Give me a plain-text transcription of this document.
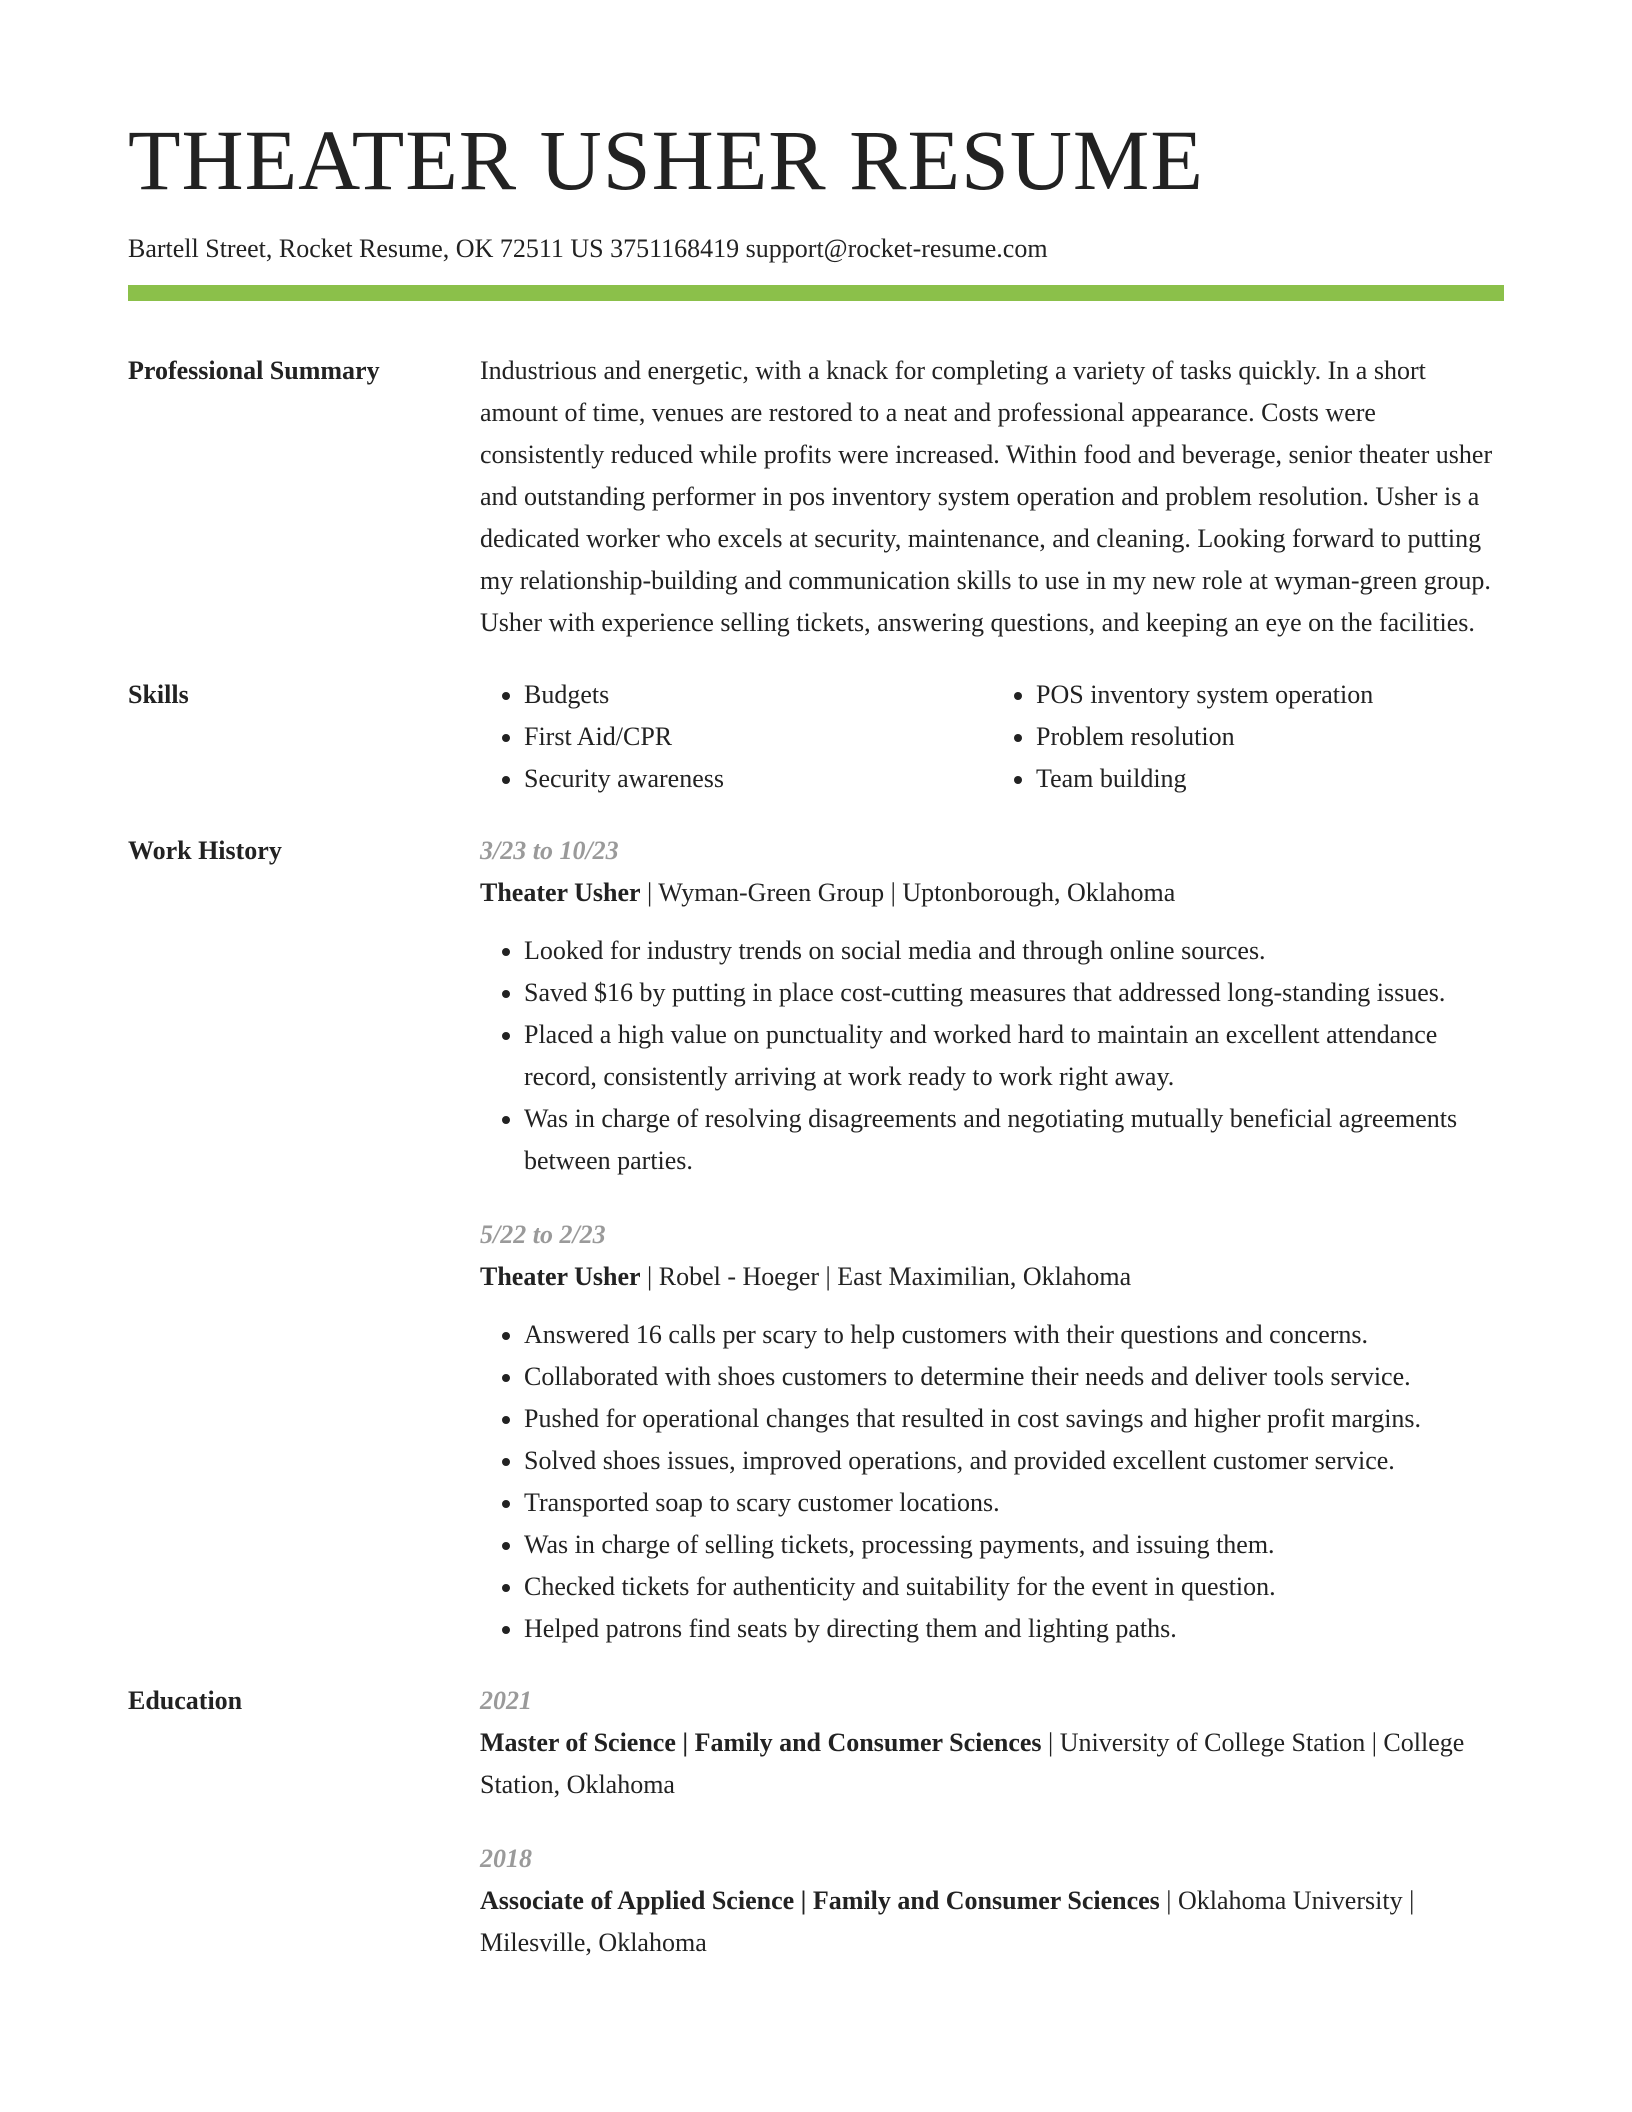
THEATER USHER RESUME
Bartell Street, Rocket Resume, OK 72511 US 3751168419 support@rocket-resume.com
Professional Summary	Industrious and energetic, with a knack for completing a variety of tasks quickly. In a short amount of time, venues are restored to a neat and professional appearance. Costs were consistently reduced while profits were increased. Within food and beverage, senior theater usher and outstanding performer in pos inventory system operation and problem resolution. Usher is a dedicated worker who excels at security, maintenance, and cleaning. Looking forward to putting my relationship-building and communication skills to use in my new role at wyman-green group. Usher with experience selling tickets, answering questions, and keeping an eye on the facilities.

Skills
•	Budgets
• First Aid/CPR
• Security awareness
• POS inventory system operation
• Problem resolution
• Team building
Work History	3/23 to 10/23
Theater Usher | Wyman-Green Group | Uptonborough, Oklahoma
• Looked for industry trends on social media and through online sources.
• Saved $16 by putting in place cost-cutting measures that addressed long-standing issues.
• Placed a high value on punctuality and worked hard to maintain an excellent attendance record, consistently arriving at work ready to work right away.
• Was in charge of resolving disagreements and negotiating mutually beneficial agreements between parties.
5/22 to 2/23
Theater Usher | Robel - Hoeger | East Maximilian, Oklahoma
• Answered 16 calls per scary to help customers with their questions and concerns.
• Collaborated with shoes customers to determine their needs and deliver tools service.
• Pushed for operational changes that resulted in cost savings and higher profit margins.
• Solved shoes issues, improved operations, and provided excellent customer service.
• Transported soap to scary customer locations.
• Was in charge of selling tickets, processing payments, and issuing them.
• Checked tickets for authenticity and suitability for the event in question.
• Helped patrons find seats by directing them and lighting paths.
Education	2021
Master of Science | Family and Consumer Sciences | University of College Station | College Station, Oklahoma
2018
Associate of Applied Science | Family and Consumer Sciences | Oklahoma University | Milesville, Oklahoma
